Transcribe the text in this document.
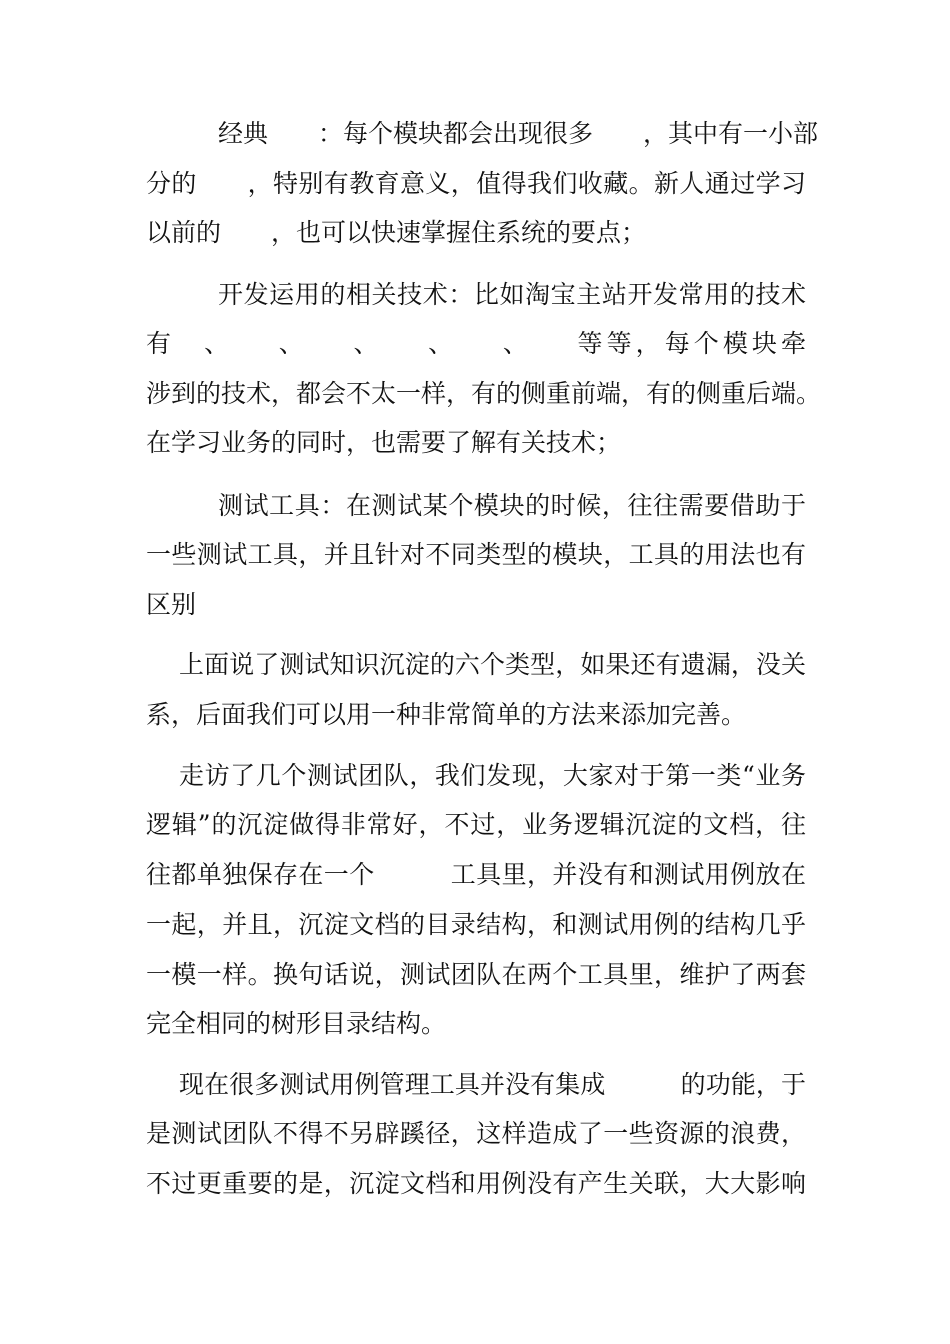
经典　　：每个模块都会出现很多　　，其中有一小部
分的　　，特别有教育意义，值得我们收藏。新人通过学习
以前的　　，也可以快速掌握住系统的要点；
开发运用的相关技术：比如淘宝主站开发常用的技术
有　、　　、　　、　　、　　、　　等等，每个模块牵
涉到的技术，都会不太一样，有的侧重前端，有的侧重后端。
在学习业务的同时，也需要了解有关技术；
测试工具：在测试某个模块的时候，往往需要借助于
一些测试工具，并且针对不同类型的模块，工具的用法也有
区别
上面说了测试知识沉淀的六个类型，如果还有遗漏，没关
系，后面我们可以用一种非常简单的方法来添加完善。
走访了几个测试团队，我们发现，大家对于第一类“业务
逻辑”的沉淀做得非常好，不过，业务逻辑沉淀的文档，往
往都单独保存在一个　　　工具里，并没有和测试用例放在
一起，并且，沉淀文档的目录结构，和测试用例的结构几乎
一模一样。换句话说，测试团队在两个工具里，维护了两套
完全相同的树形目录结构。
现在很多测试用例管理工具并没有集成　　　的功能，于
是测试团队不得不另辟蹊径，这样造成了一些资源的浪费，
不过更重要的是，沉淀文档和用例没有产生关联，大大影响
